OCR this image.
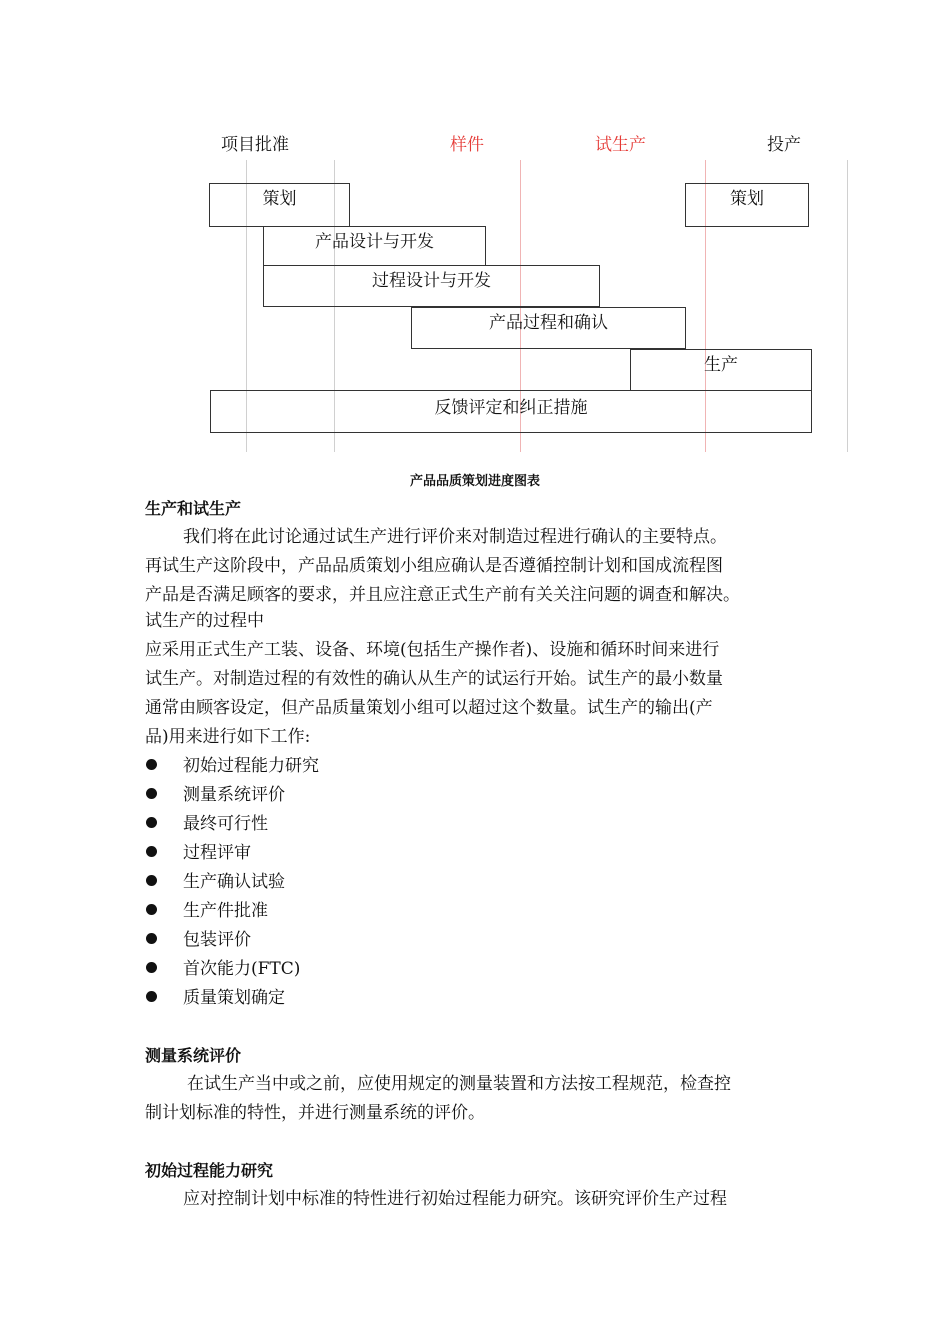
项目批准	样件	试生产	投产
策划	策划
产品设计与开发
过程设计与开发
产品过程和确认
生产
反馈评定和纠正措施
产品品质策划进度图表
生产和试生产
我们将在此讨论通过试生产进行评价来对制造过程进行确认的主要特点。
再试生产这阶段中，产品品质策划小组应确认是否遵循控制计划和国成流程图
产品是否满足顾客的要求，并且应注意正式生产前有关关注问题的调查和解决。
试生产的过程中
应采用正式生产工装、设备、环境(包括生产操作者)、设施和循环时间来进行
试生产。对制造过程的有效性的确认从生产的试运行开始。试生产的最小数量
通常由顾客设定，但产品质量策划小组可以超过这个数量。试生产的输出(产
品)用来进行如下工作:
初始过程能力研究
测量系统评价
最终可行性
过程评审
生产确认试验
生产件批准
包装评价
首次能力(FTC)
质量策划确定
测量系统评价
在试生产当中或之前，应使用规定的测量装置和方法按工程规范，检查控
制计划标准的特性，并进行测量系统的评价。
初始过程能力研究
应对控制计划中标准的特性进行初始过程能力研究。该研究评价生产过程
